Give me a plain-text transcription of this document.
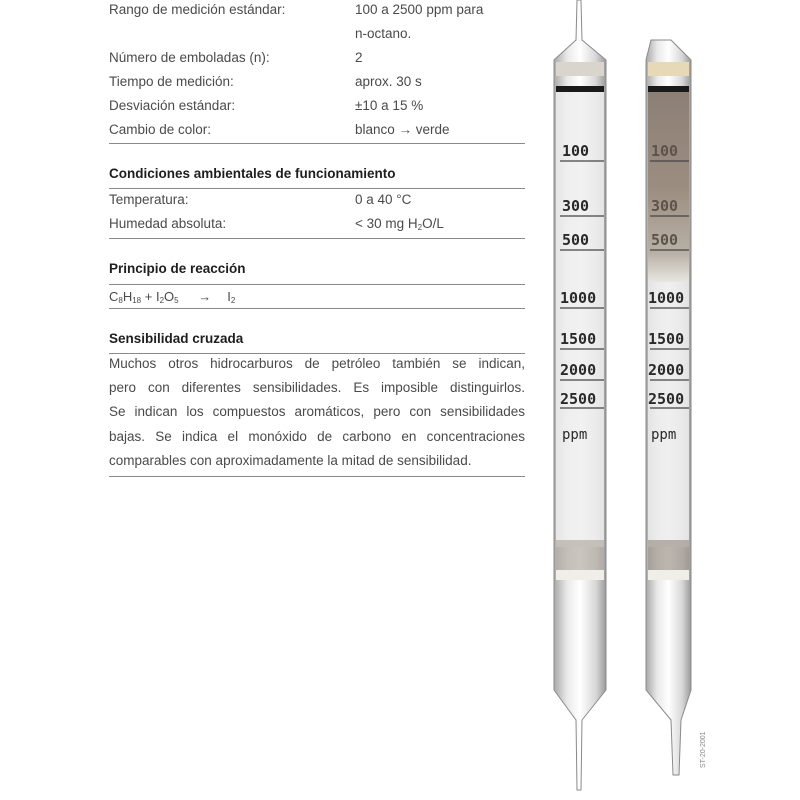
Rango de medición estándar:	100 a 2500 ppm para
n-octano.
Número de emboladas (n):	2
Tiempo de medición:	aprox. 30 s
Desviación estándar:	±10 a 15 %
Cambio de color:	blanco → verde
Condiciones ambientales de funcionamiento
Temperatura:	0 a 40 °C
Humedad absoluta:	< 30 mg $H_2O/L$
Principio de reacción
$C_8H_{18} + I_2O_5 \to I_2$
Sensibilidad cruzada
Muchos otros hidrocarburos de petróleo también se indican,
pero con diferentes sensibilidades. Es imposible distinguirlos.
Se indican los compuestos aromáticos, pero con sensibilidades
bajas. Se indica el monóxido de carbono en concentraciones
comparables con aproximadamente la mitad de sensibilidad.
100
300
500
1000
1500
2000
2500
ppm
100
300
500
1000
1500
2000
2500
ppm
ST-20-2001
